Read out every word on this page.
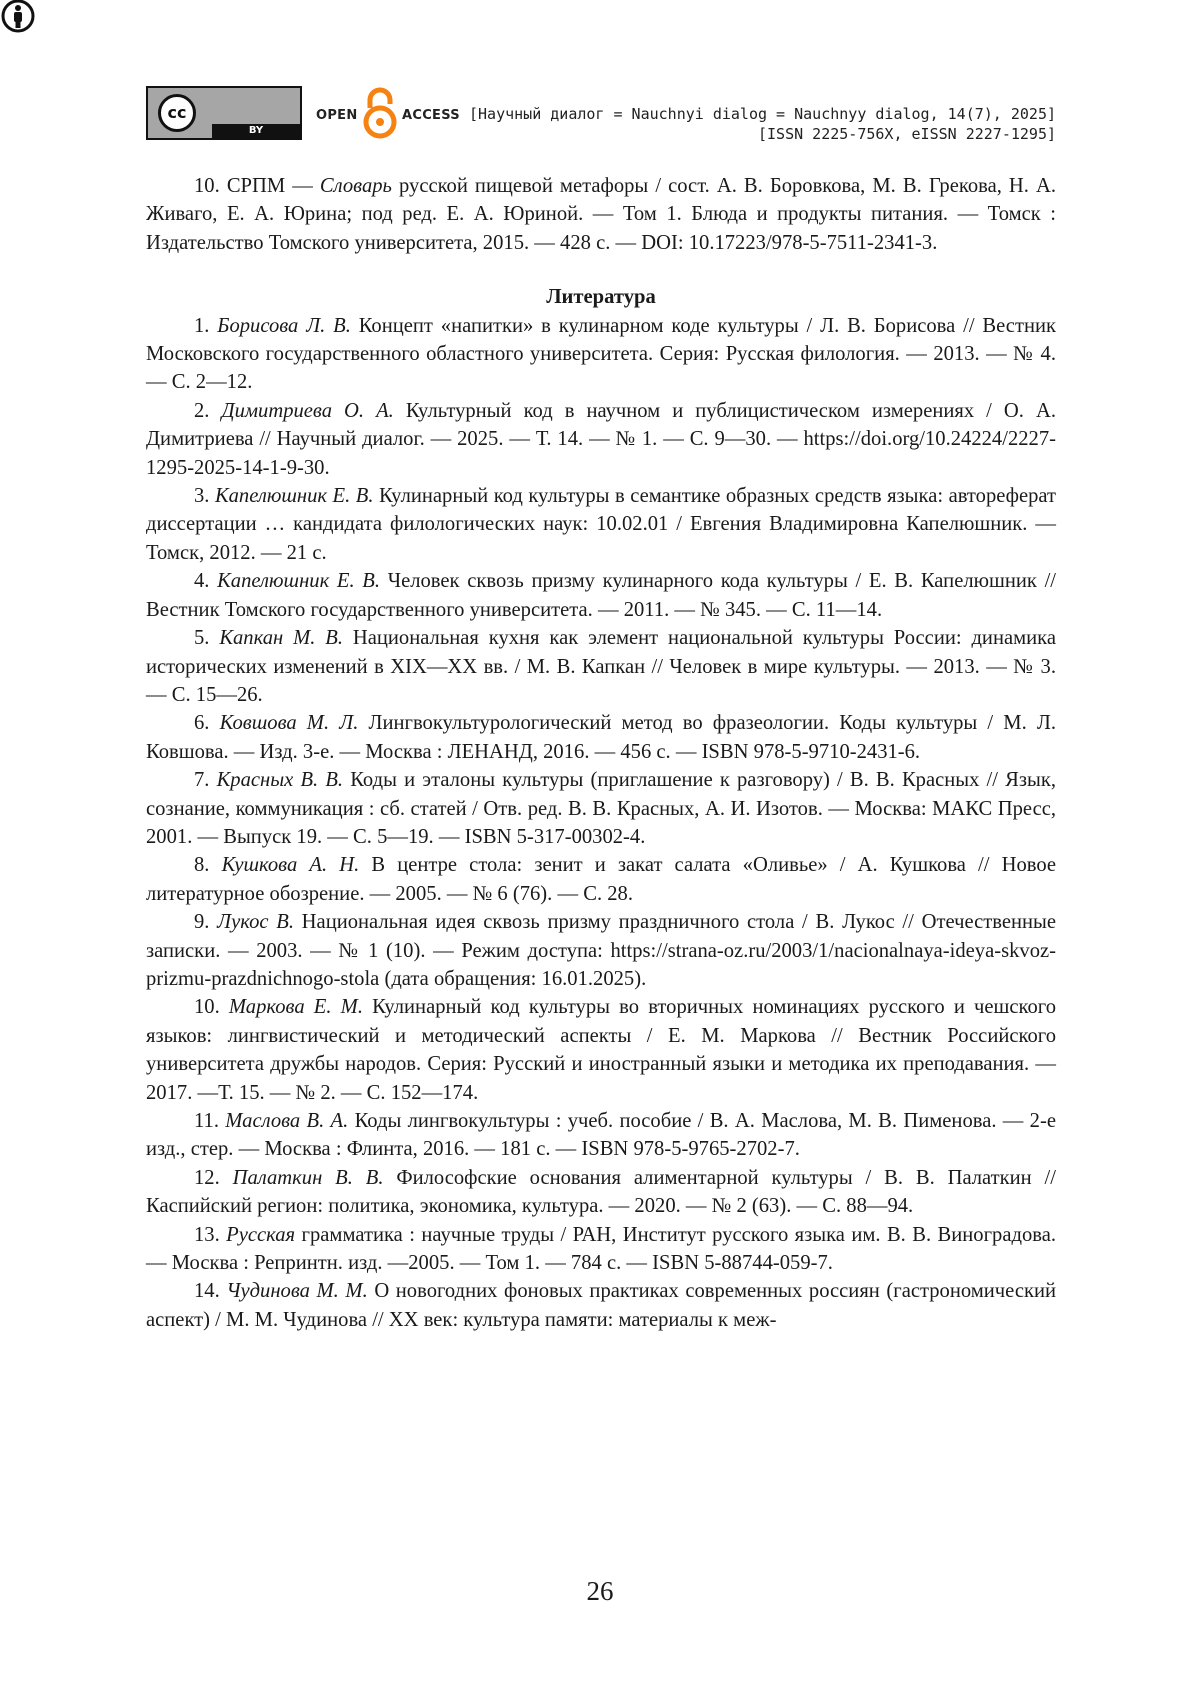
cc
BY
OPEN	ACCESS [Научный диалог = Nauchnyi dialog = Nauchnyy dialog, 14(7), 2025]
[ISSN 2225-756X, eISSN 2227-1295]

10. СРПМ — Словарь русской пищевой метафоры / сост. А. В. Боровкова, М. В. Грекова, Н. А. Живаго, Е. А. Юрина; под ред. Е. А. Юриной. — Том 1. Блюда и продукты питания. — Томск : Издательство Томского университета, 2015. — 428 с. — DOI: 10.17223/978-5-7511-2341-3.

Литература

1. Борисова Л. В. Концепт «напитки» в кулинарном коде культуры / Л. В. Борисова // Вестник Московского государственного областного университета. Серия: Русская филология. — 2013. — № 4. — С. 2—12.

2. Димитриева О. А. Культурный код в научном и публицистическом измерениях / О. А. Димитриева // Научный диалог. — 2025. — Т. 14. — № 1. — С. 9—30. — https://doi.org/10.24224/2227-1295-2025-14-1-9-30.

3. Капелюшник Е. В. Кулинарный код культуры в семантике образных средств языка: автореферат диссертации … кандидата филологических наук: 10.02.01 / Евгения Владимировна Капелюшник. — Томск, 2012. — 21 с.

4. Капелюшник Е. В. Человек сквозь призму кулинарного кода культуры / Е. В. Капелюшник // Вестник Томского государственного университета. — 2011. — № 345. — С. 11—14.

5. Капкан М. В. Национальная кухня как элемент национальной культуры России: динамика исторических изменений в XIX—XX вв. / М. В. Капкан // Человек в мире культуры. — 2013. — № 3. — С. 15—26.

6. Ковшова М. Л. Лингвокультурологический метод во фразеологии. Коды культуры / М. Л. Ковшова. — Изд. 3-е. — Москва : ЛЕНАНД, 2016. — 456 с. — ISBN 978-5-9710-2431-6.

7. Красных В. В. Коды и эталоны культуры (приглашение к разговору) / В. В. Красных // Язык, сознание, коммуникация : сб. статей / Отв. ред. В. В. Красных, А. И. Изотов. — Москва: МАКС Пресс, 2001. — Выпуск 19. — С. 5—19. — ISBN 5-317-00302-4.

8. Кушкова А. Н. В центре стола: зенит и закат салата «Оливье» / А. Кушкова // Новое литературное обозрение. — 2005. — № 6 (76). — С. 28.

9. Лукос В. Национальная идея сквозь призму праздничного стола / В. Лукос // Отечественные записки. — 2003. — № 1 (10). — Режим доступа: https://strana-oz.ru/2003/1/nacionalnaya-ideya-skvoz-prizmu-prazdnichnogo-stola (дата обращения: 16.01.2025).

10. Маркова Е. М. Кулинарный код культуры во вторичных номинациях русского и чешского языков: лингвистический и методический аспекты / Е. М. Маркова // Вестник Российского университета дружбы народов. Серия: Русский и иностранный языки и методика их преподавания. — 2017. —Т. 15. — № 2. — С. 152—174.

11. Маслова В. А. Коды лингвокультуры : учеб. пособие / В. А. Маслова, М. В. Пименова. — 2-е изд., стер. — Москва : Флинта, 2016. — 181 с. — ISBN 978-5-9765-2702-7.

12. Палаткин В. В. Философские основания алиментарной культуры / В. В. Палаткин // Каспийский регион: политика, экономика, культура. — 2020. — № 2 (63). — С. 88—94.

13. Русская грамматика : научные труды / РАН, Институт русского языка им. В. В. Виноградова. — Москва : Репринтн. изд. —2005. — Том 1. — 784 с. — ISBN 5-88744-059-7.

14. Чудинова М. М. О новогодних фоновых практиках современных россиян (гастрономический аспект) / М. М. Чудинова // XX век: культура памяти: материалы к меж-

26
